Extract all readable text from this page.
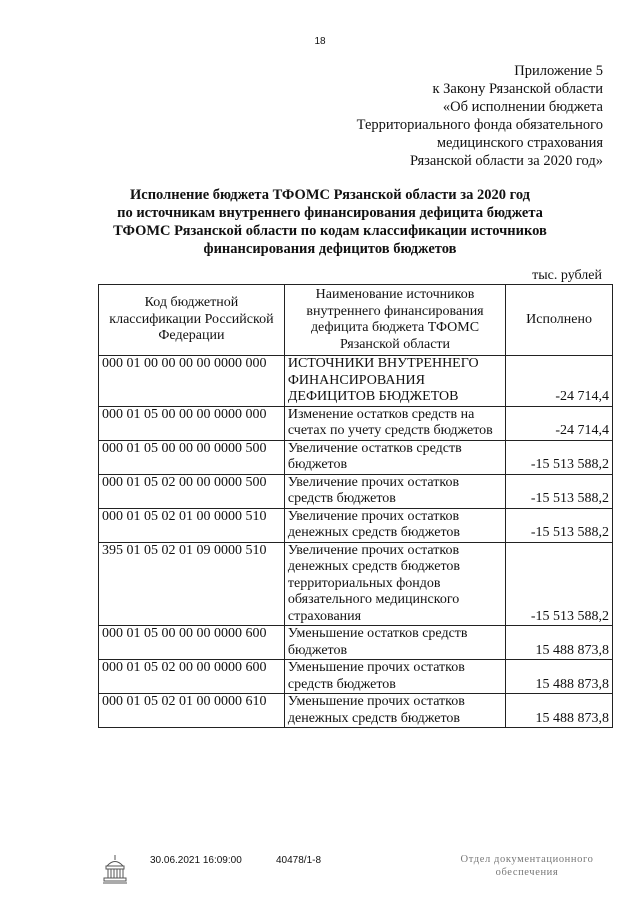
18
Приложение 5
к Закону Рязанской области
«Об исполнении бюджета
Территориального фонда обязательного
медицинского страхования
Рязанской области за 2020 год»
Исполнение бюджета ТФОМС Рязанской области за 2020 год
по источникам внутреннего финансирования дефицита бюджета
ТФОМС Рязанской области по кодам классификации источников
финансирования дефицитов бюджетов
тыс. рублей
Код бюджетной классификации Российской Федерации	Наименование источников внутреннего финансирования дефицита бюджета ТФОМС Рязанской области	Исполнено
000 01 00 00 00 00 0000 000	ИСТОЧНИКИ ВНУТРЕННЕГО ФИНАНСИРОВАНИЯ ДЕФИЦИТОВ БЮДЖЕТОВ	-24 714,4
000 01 05 00 00 00 0000 000	Изменение остатков средств на счетах по учету средств бюджетов	-24 714,4
000 01 05 00 00 00 0000 500	Увеличение остатков средств бюджетов	-15 513 588,2
000 01 05 02 00 00 0000 500	Увеличение прочих остатков средств бюджетов	-15 513 588,2
000 01 05 02 01 00 0000 510	Увеличение прочих остатков денежных средств бюджетов	-15 513 588,2
395 01 05 02 01 09 0000 510	Увеличение прочих остатков денежных средств бюджетов территориальных фондов обязательного медицинского страхования	-15 513 588,2
000 01 05 00 00 00 0000 600	Уменьшение остатков средств бюджетов	15 488 873,8
000 01 05 02 00 00 0000 600	Уменьшение прочих остатков средств бюджетов	15 488 873,8
000 01 05 02 01 00 0000 610	Уменьшение прочих остатков денежных средств бюджетов	15 488 873,8
30.06.2021 16:09:00	40478/1-8	Отдел документационного
обеспечения
